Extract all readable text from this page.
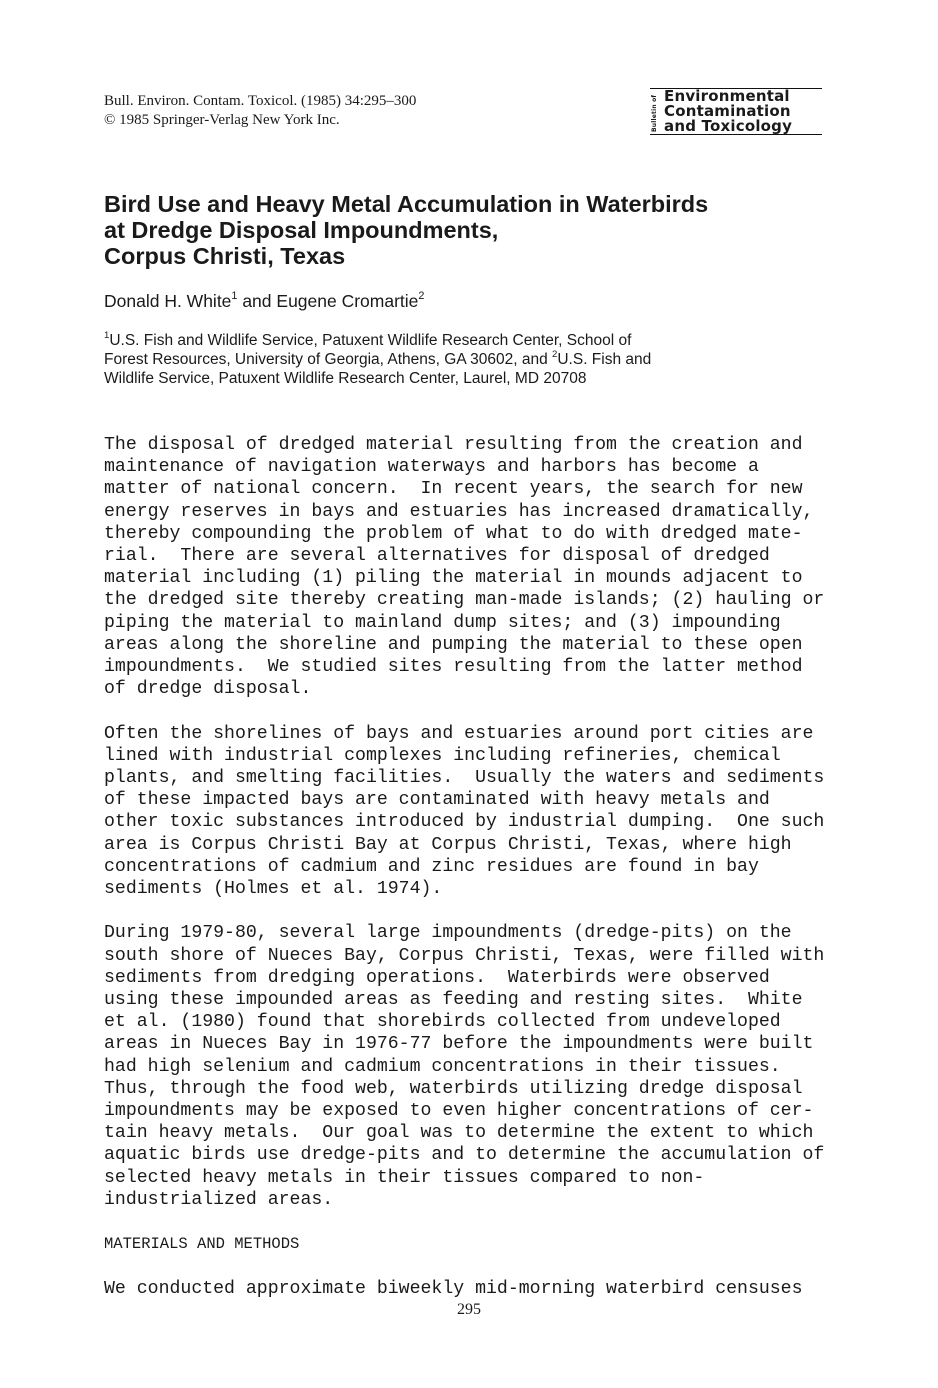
Bull. Environ. Contam. Toxicol. (1985) 34:295–300
© 1985 Springer-Verlag New York Inc.	Bulletin of Environmental
Contamination
and Toxicology
Bird Use and Heavy Metal Accumulation in Waterbirds
at Dredge Disposal Impoundments,
Corpus Christi, Texas
Donald H. White$^1$ and Eugene Cromartie$^2$
$^1$U.S. Fish and Wildlife Service, Patuxent Wildlife Research Center, School of
Forest Resources, University of Georgia, Athens, GA 30602, and $^2$U.S. Fish and
Wildlife Service, Patuxent Wildlife Research Center, Laurel, MD 20708

The disposal of dredged material resulting from the creation and
maintenance of navigation waterways and harbors has become a
matter of national concern.  In recent years, the search for new
energy reserves in bays and estuaries has increased dramatically,
thereby compounding the problem of what to do with dredged mate-
rial.  There are several alternatives for disposal of dredged
material including (1) piling the material in mounds adjacent to
the dredged site thereby creating man-made islands; (2) hauling or
piping the material to mainland dump sites; and (3) impounding
areas along the shoreline and pumping the material to these open
impoundments.  We studied sites resulting from the latter method
of dredge disposal.

Often the shorelines of bays and estuaries around port cities are
lined with industrial complexes including refineries, chemical
plants, and smelting facilities.  Usually the waters and sediments
of these impacted bays are contaminated with heavy metals and
other toxic substances introduced by industrial dumping.  One such
area is Corpus Christi Bay at Corpus Christi, Texas, where high
concentrations of cadmium and zinc residues are found in bay
sediments (Holmes et al. 1974).

During 1979-80, several large impoundments (dredge-pits) on the
south shore of Nueces Bay, Corpus Christi, Texas, were filled with
sediments from dredging operations.  Waterbirds were observed
using these impounded areas as feeding and resting sites.  White
et al. (1980) found that shorebirds collected from undeveloped
areas in Nueces Bay in 1976-77 before the impoundments were built
had high selenium and cadmium concentrations in their tissues.
Thus, through the food web, waterbirds utilizing dredge disposal
impoundments may be exposed to even higher concentrations of cer-
tain heavy metals.  Our goal was to determine the extent to which
aquatic birds use dredge-pits and to determine the accumulation of
selected heavy metals in their tissues compared to non-
industrialized areas.

MATERIALS AND METHODS

We conducted approximate biweekly mid-morning waterbird censuses

295
